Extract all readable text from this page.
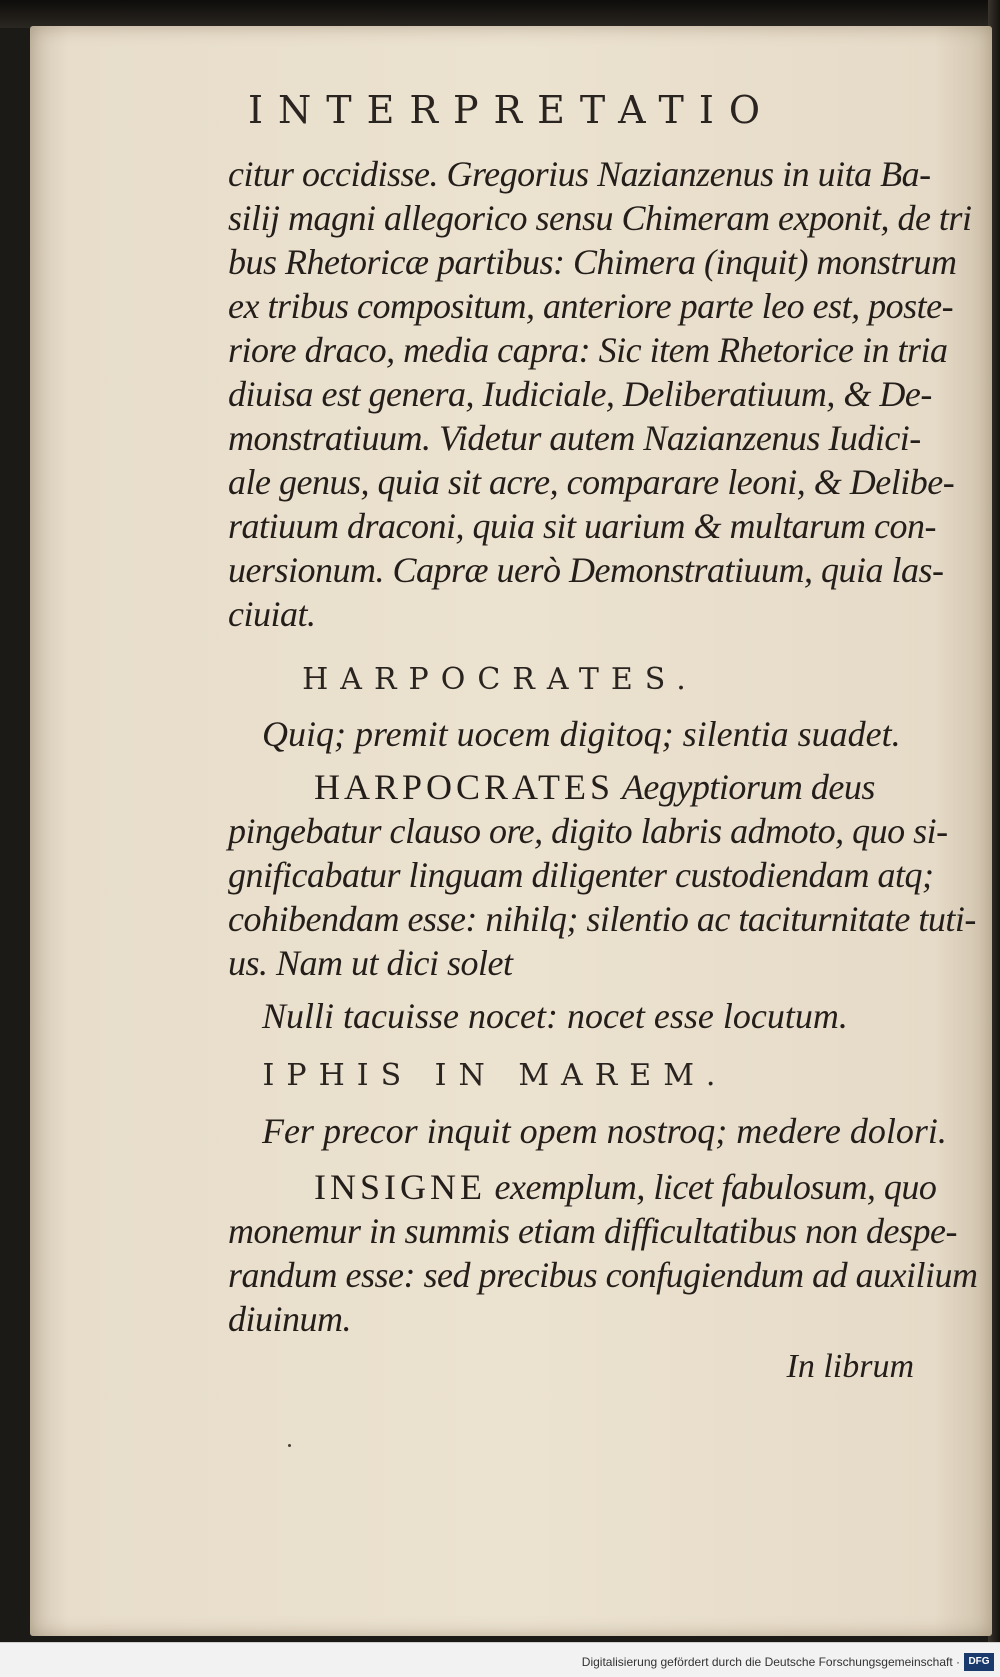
INTERPRETATIO
citur occidisse. Gregorius Nazianzenus in uita Ba-
silij magni allegorico sensu Chimeram exponit, de tri
bus Rhetoricæ partibus: Chimera (inquit) monstrum
ex tribus compositum, anteriore parte leo est, poste-
riore draco, media capra: Sic item Rhetorice in tria
diuisa est genera, Iudiciale, Deliberatiuum, & De-
monstratiuum. Videtur autem Nazianzenus Iudici-
ale genus, quia sit acre, comparare leoni, & Delibe-
ratiuum draconi, quia sit uarium & multarum con-
uersionum. Capræ uerò Demonstratiuum, quia las-
ciuiat.
HARPOCRATES.
Quiq; premit uocem digitoq; silentia suadet.
HARPOCRATES Aegyptiorum deus
pingebatur clauso ore, digito labris admoto, quo si-
gnificabatur linguam diligenter custodiendam atq;
cohibendam esse: nihilq; silentio ac taciturnitate tuti-
us. Nam ut dici solet
Nulli tacuisse nocet: nocet esse locutum.
IPHIS IN MAREM.
Fer precor inquit opem nostroq; medere dolori.
INSIGNE exemplum, licet fabulosum, quo
monemur in summis etiam difficultatibus non despe-
randum esse: sed precibus confugiendum ad auxilium
diuinum.
In librum
Digitalisierung gefördert durch die Deutsche Forschungsgemeinschaft · DFG
